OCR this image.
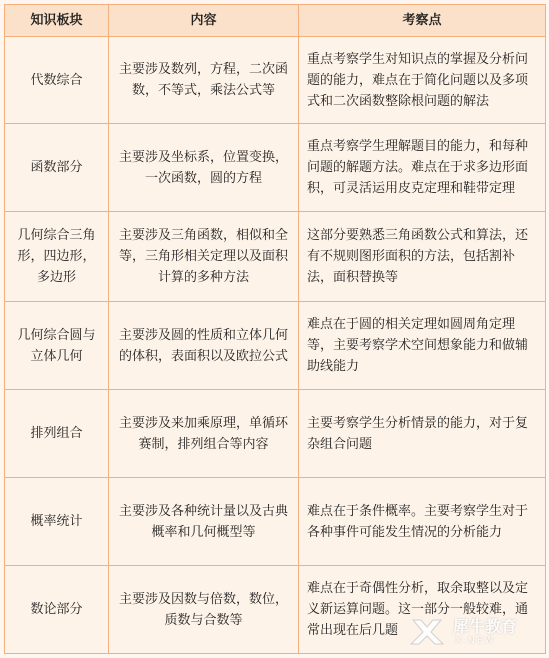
知识板块	内容	考察点
代数综合	主要涉及数列，方程，二次函数，不等式，乘法公式等	重点考察学生对知识点的掌握及分析问题的能力，难点在于简化问题以及多项式和二次函数整除根问题的解法
函数部分	主要涉及坐标系，位置变换，一次函数，圆的方程	重点考察学生理解题目的能力，和每种问题的解题方法。难点在于求多边形面积，可灵活运用皮克定理和鞋带定理
几何综合三角形，四边形，多边形	主要涉及三角函数，相似和全等，三角形相关定理以及面积计算的多种方法	这部分要熟悉三角函数公式和算法，还有不规则图形面积的方法，包括割补法，面积替换等
几何综合圆与立体几何	主要涉及圆的性质和立体几何的体积，表面积以及欧拉公式	难点在于圆的相关定理如圆周角定理等，主要考察学术空间想象能力和做辅助线能力
排列组合	主要涉及来加乘原理，单循环赛制，排列组合等内容	主要考察学生分析情景的能力，对于复杂组合问题
概率统计	主要涉及各种统计量以及古典概率和几何概型等	难点在于条件概率。主要考察学生对于各种事件可能发生情况的分析能力
数论部分	主要涉及因数与倍数，数位，质数与合数等	难点在于奇偶性分析，取余取整以及定义新运算问题。这一部分一般较难，通常出现在后几题	犀牛教育
X-NEW
